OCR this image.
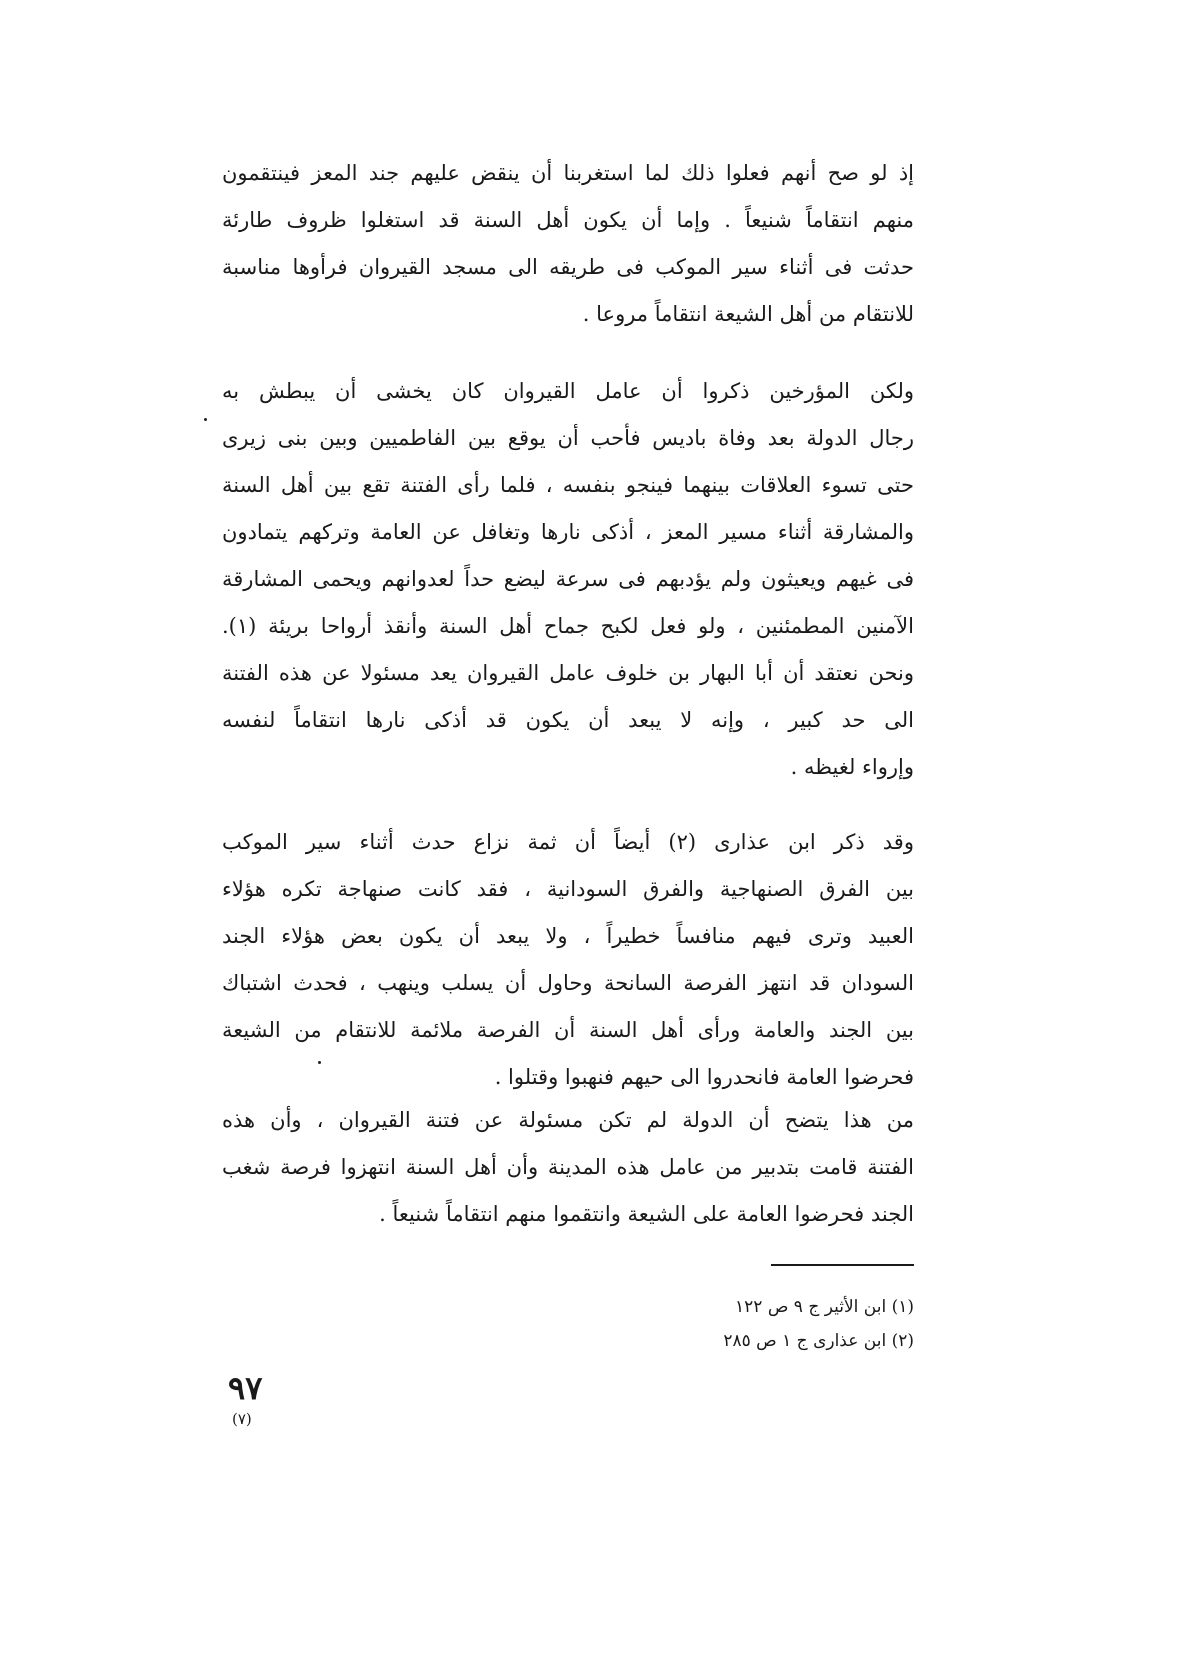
إذ لو صح أنهم فعلوا ذلك لما استغربنا أن ينقض عليهم جند المعز فينتقمون
منهم انتقاماً شنيعاً . وإما أن يكون أهل السنة قد استغلوا ظروف طارئة
حدثت فى أثناء سير الموكب فى طريقه الى مسجد القيروان فرأوها مناسبة
للانتقام من أهل الشيعة انتقاماً مروعا .
ولكن المؤرخين ذكروا أن عامل القيروان كان يخشى أن يبطش به
رجال الدولة بعد وفاة باديس فأحب أن يوقع بين الفاطميين وبين بنى زيرى
حتى تسوء العلاقات بينهما فينجو بنفسه ، فلما رأى الفتنة تقع بين أهل السنة
والمشارقة أثناء مسير المعز ، أذكى نارها وتغافل عن العامة وتركهم يتمادون
فى غيهم ويعيثون ولم يؤدبهم فى سرعة ليضع حداً لعدوانهم ويحمى المشارقة
الآمنين المطمئنين ، ولو فعل لكبح جماح أهل السنة وأنقذ أرواحا بريئة (١).
ونحن نعتقد أن أبا البهار بن خلوف عامل القيروان يعد مسئولا عن هذه الفتنة
الى حد كبير ، وإنه لا يبعد أن يكون قد أذكى نارها انتقاماً لنفسه
وإرواء لغيظه .
وقد ذكر ابن عذارى (٢) أيضاً أن ثمة نزاع حدث أثناء سير الموكب
بين الفرق الصنهاجية والفرق السودانية ، فقد كانت صنهاجة تكره هؤلاء
العبيد وترى فيهم منافساً خطيراً ، ولا يبعد أن يكون بعض هؤلاء الجند
السودان قد انتهز الفرصة السانحة وحاول أن يسلب وينهب ، فحدث اشتباك
بين الجند والعامة ورأى أهل السنة أن الفرصة ملائمة للانتقام من الشيعة
فحرضوا العامة فانحدروا الى حيهم فنهبوا وقتلوا .
من هذا يتضح أن الدولة لم تكن مسئولة عن فتنة القيروان ، وأن هذه
الفتنة قامت بتدبير من عامل هذه المدينة وأن أهل السنة انتهزوا فرصة شغب
الجند فحرضوا العامة على الشيعة وانتقموا منهم انتقاماً شنيعاً .
(١) ابن الأثير ج ٩ ص ١٢٢
(٢) ابن عذارى ج ١ ص ٢٨٥
٩٧
(٧)
